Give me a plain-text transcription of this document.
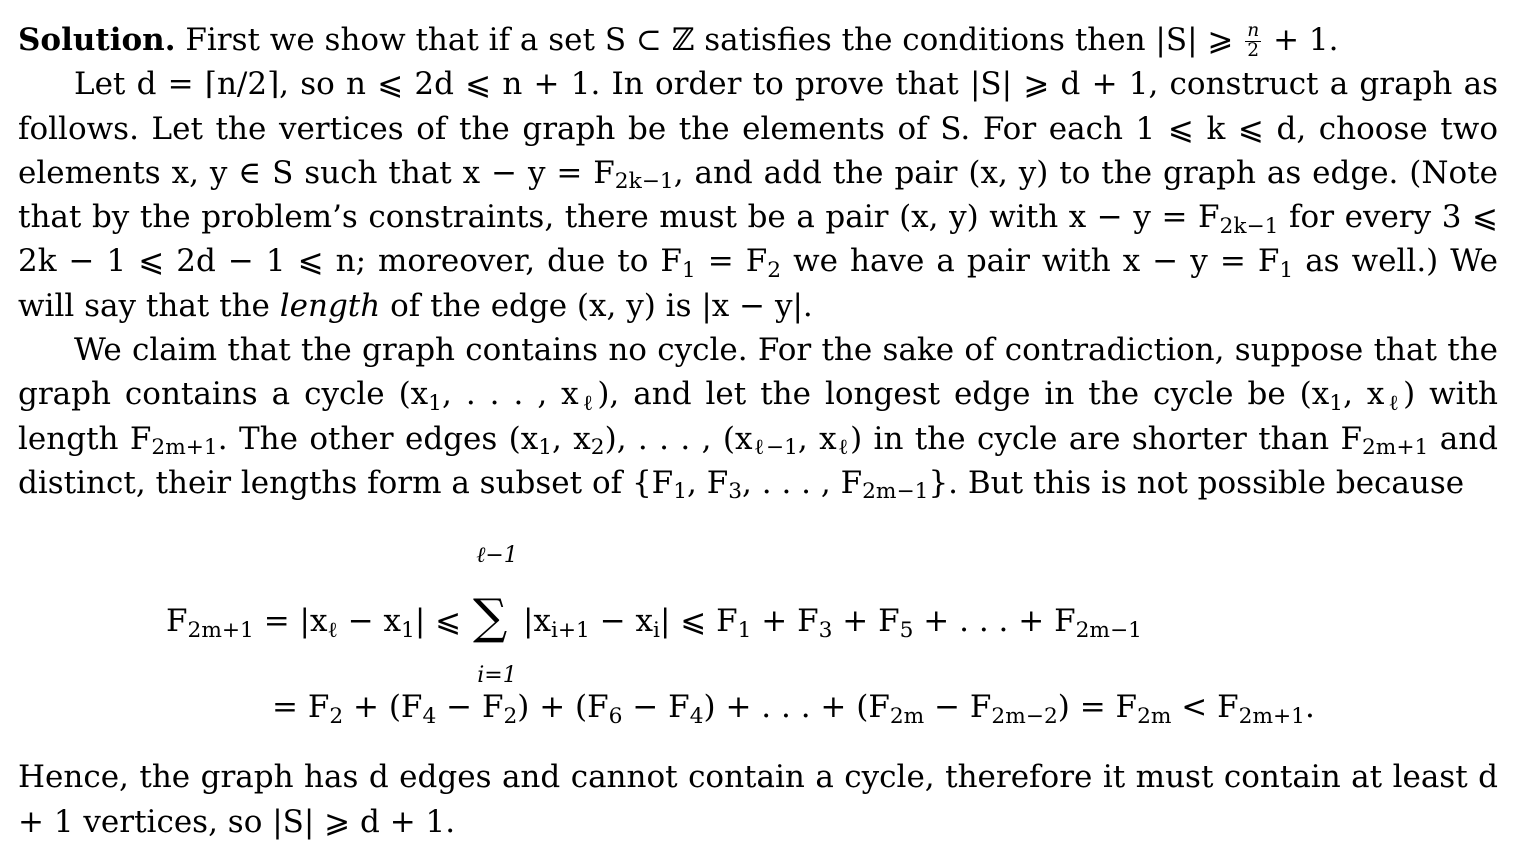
Solution. First we show that if a set S ⊂ ℤ satisfies the conditions then |S| ⩾ $\frac{n}{2} + 1$.

Let d = ⌈n/2⌉, so n ⩽ 2d ⩽ n + 1. In order to prove that |S| ⩾ d + 1, construct a graph as follows. Let the vertices of the graph be the elements of S. For each 1 ⩽ k ⩽ d, choose two elements x, y ∈ S such that $x - y = F_{2k-1}$, and add the pair (x, y) to the graph as edge. (Note that by the problem’s constraints, there must be a pair (x, y) with $x - y = F_{2k-1}$ for every 3 ⩽ 2k − 1 ⩽ 2d − 1 ⩽ n; moreover, due to $F_1 = F_2$ we have a pair with $x - y = F_1$ as well.) We will say that the length of the edge (x, y) is |x − y|.

We claim that the graph contains no cycle. For the sake of contradiction, suppose that the graph contains a cycle ($x_1$, . . . , $x_\ell$), and let the longest edge in the cycle be ($x_1$, $x_\ell$) with length $F_{2m+1}$. The other edges ($x_1$, $x_2$), . . . , ($x_{\ell-1}$, $x_\ell$) in the cycle are shorter than $F_{2m+1}$ and distinct, their lengths form a subset of {$F_1$, $F_3$, . . . , $F_{2m-1}$}. But this is not possible because

$F_{2m+1} = |x_\ell - x_1|$ ⩽
ℓ−1
∑
i=1
$|x_{i+1} - x_i|$ ⩽ $F_1 + F_3 + F_5$ + . . . + $F_{2m-1}$
= $F_2 + (F_4 - F_2) + (F_6 - F_4)$ + . . . + $(F_{2m} - F_{2m-2}) = F_{2m} < F_{2m+1}$.

Hence, the graph has d edges and cannot contain a cycle, therefore it must contain at least d + 1 vertices, so |S| ⩾ d + 1.
